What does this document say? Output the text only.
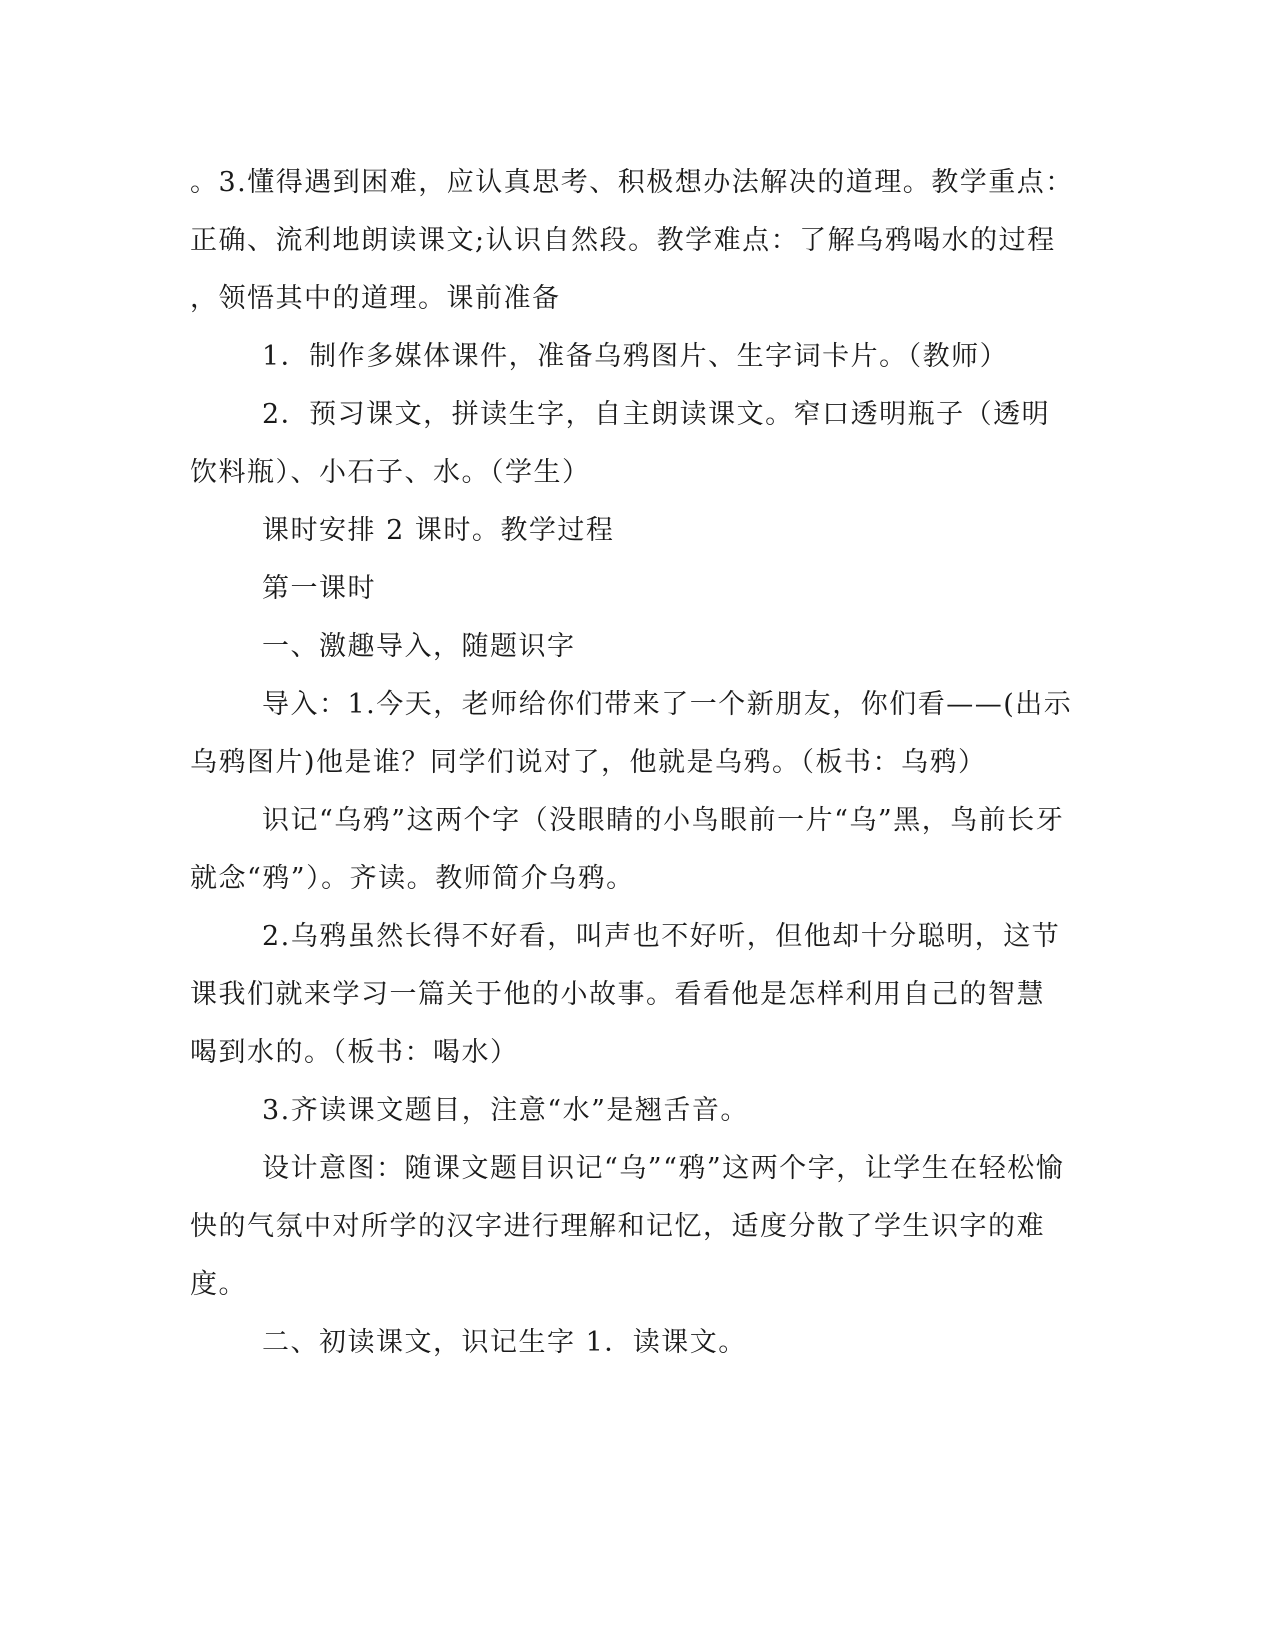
。3.懂得遇到困难，应认真思考、积极想办法解决的道理。教学重点：
正确、流利地朗读课文;认识自然段。教学难点：了解乌鸦喝水的过程
，领悟其中的道理。课前准备
1．制作多媒体课件，准备乌鸦图片、生字词卡片。（教师）
2．预习课文，拼读生字，自主朗读课文。窄口透明瓶子（透明
饮料瓶）、小石子、水。（学生）
课时安排 2 课时。教学过程
第一课时
一、激趣导入，随题识字
导入：1.今天，老师给你们带来了一个新朋友，你们看——(出示
乌鸦图片)他是谁？同学们说对了，他就是乌鸦。（板书：乌鸦）
识记“乌鸦”这两个字（没眼睛的小鸟眼前一片“乌”黑，鸟前长牙
就念“鸦”）。齐读。教师简介乌鸦。
2.乌鸦虽然长得不好看，叫声也不好听，但他却十分聪明，这节
课我们就来学习一篇关于他的小故事。看看他是怎样利用自己的智慧
喝到水的。（板书：喝水）
3.齐读课文题目，注意“水”是翘舌音。
设计意图：随课文题目识记“乌”“鸦”这两个字，让学生在轻松愉
快的气氛中对所学的汉字进行理解和记忆，适度分散了学生识字的难
度。
二、初读课文，识记生字 1．读课文。
